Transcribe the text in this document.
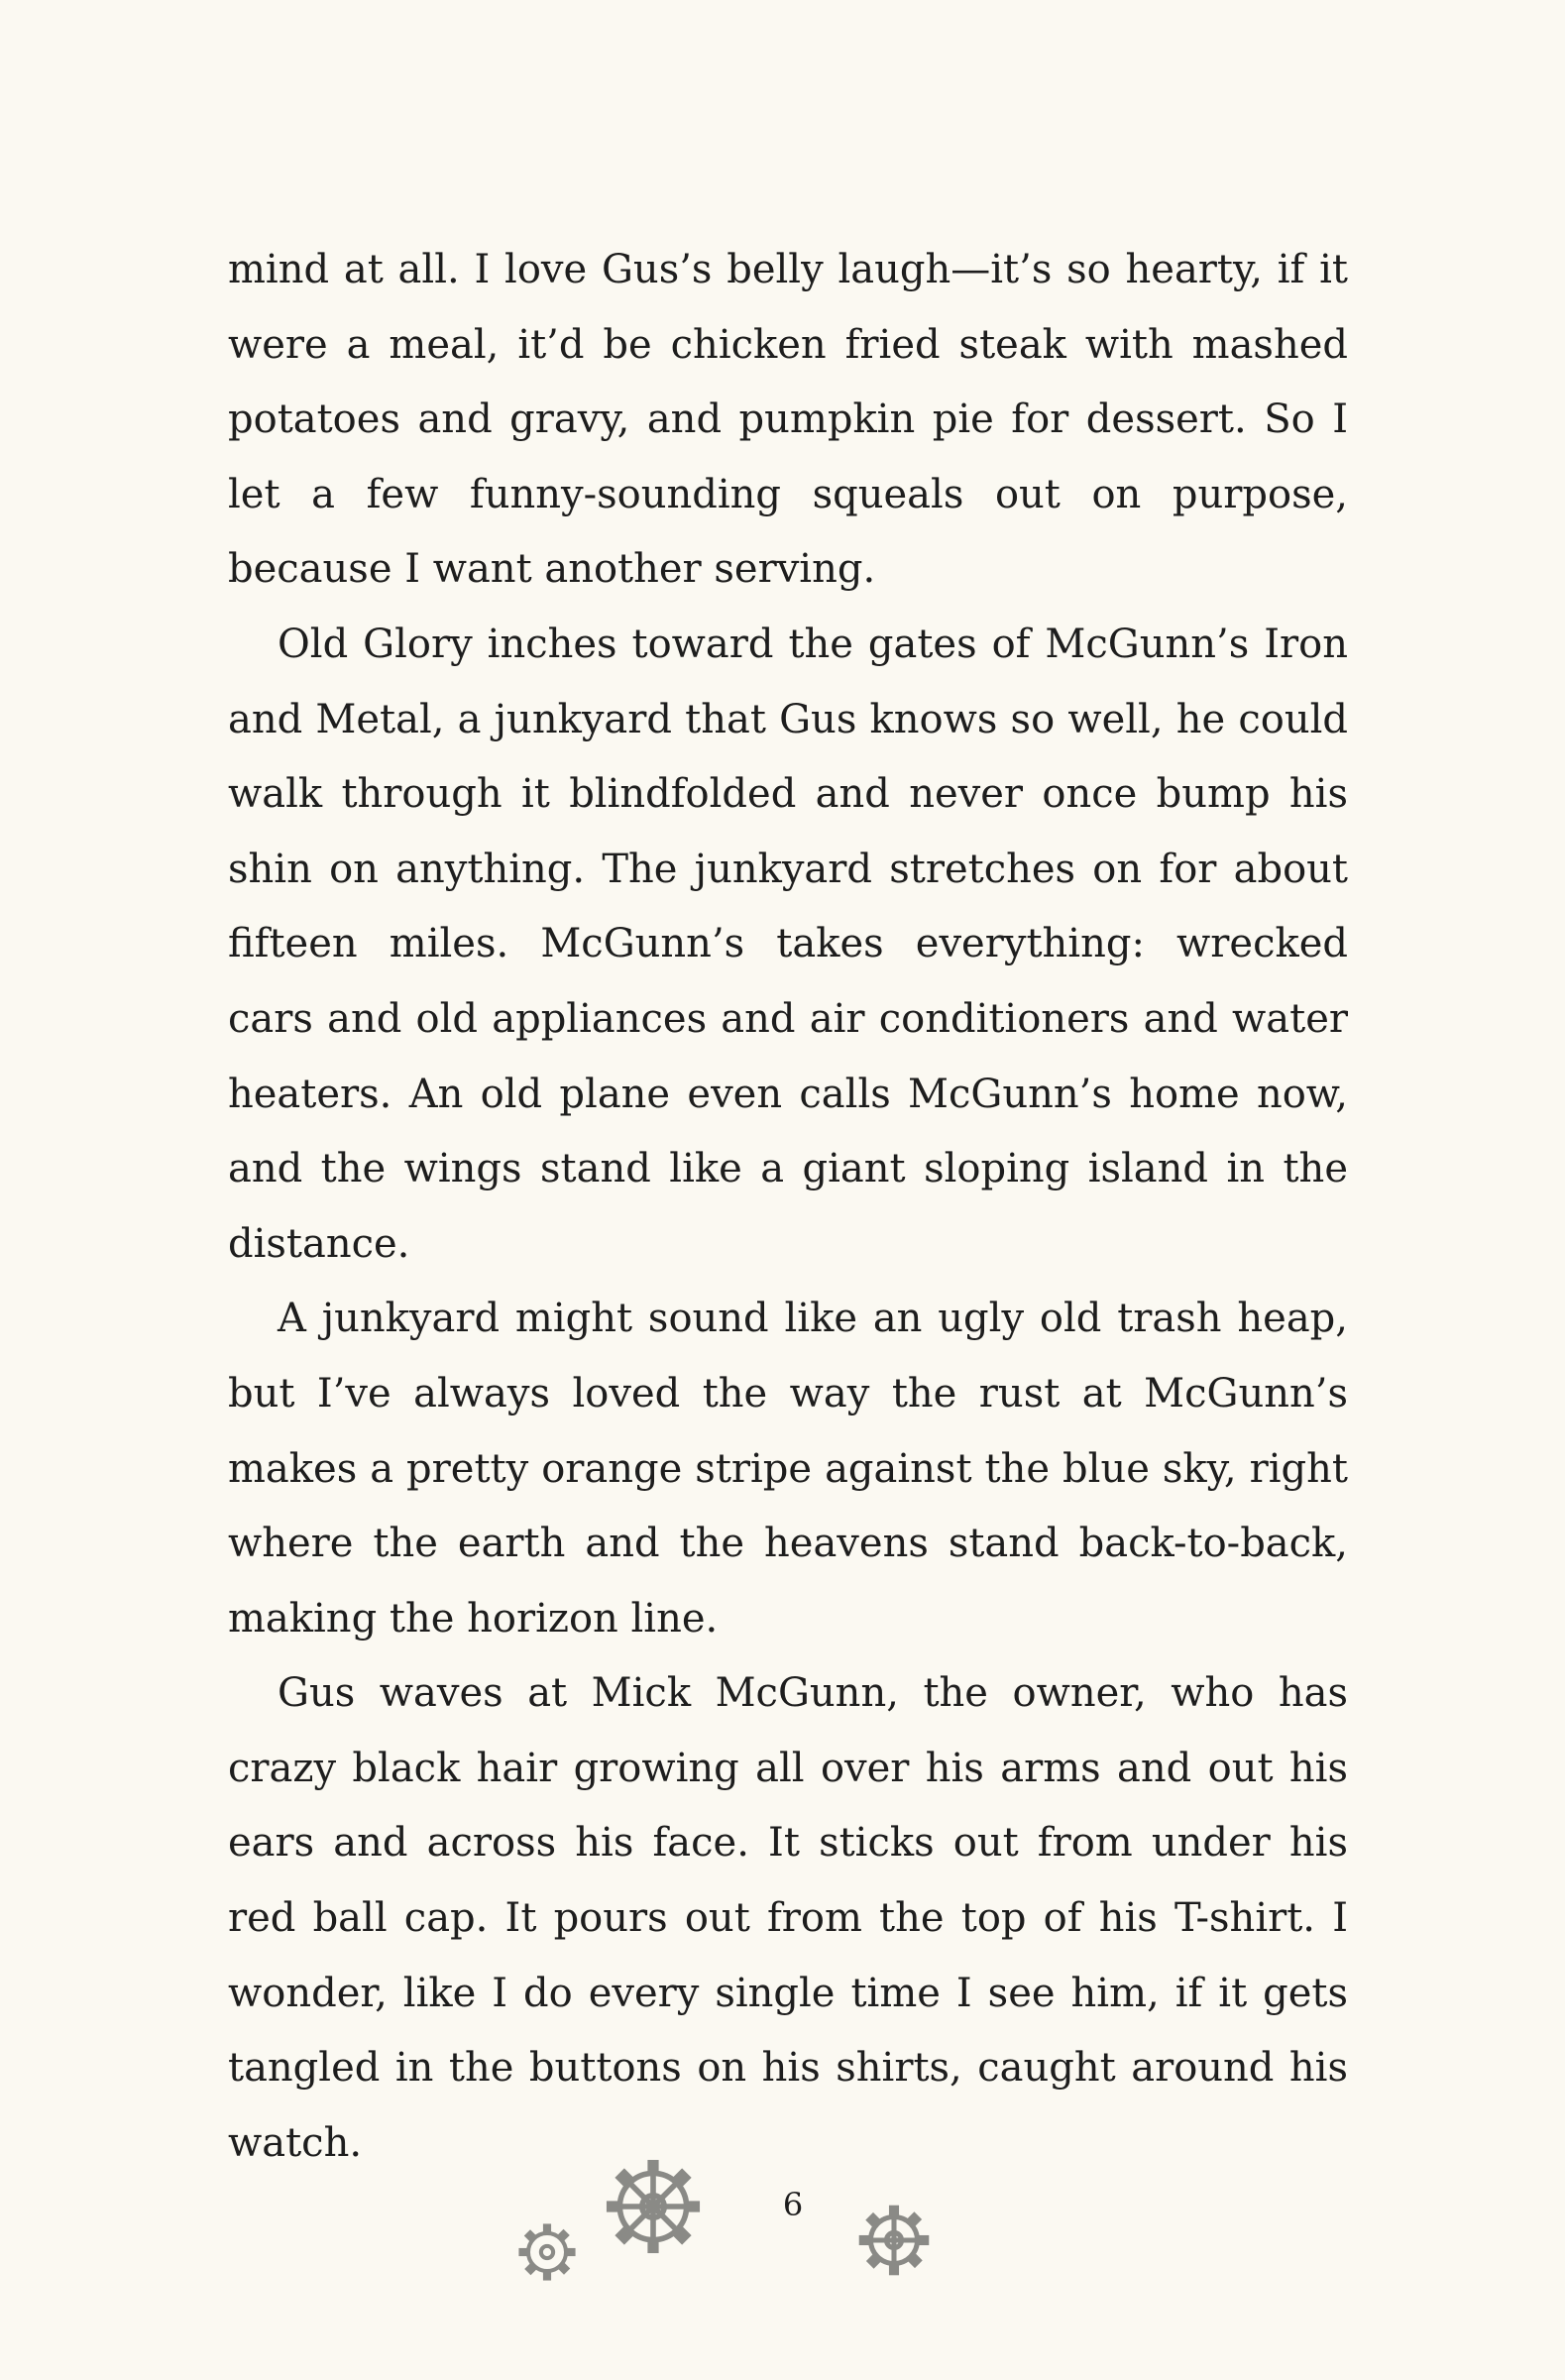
mind at all. I love Gus’s belly laugh—it’s so hearty, if it were a meal, it’d be chicken fried steak with mashed potatoes and gravy, and pumpkin pie for dessert. So I let a few funny-sounding squeals out on purpose, because I want another serving.

Old Glory inches toward the gates of McGunn’s Iron and Metal, a junkyard that Gus knows so well, he could walk through it blindfolded and never once bump his shin on anything. The junkyard stretches on for about fifteen miles. McGunn’s takes everything: wrecked cars and old appliances and air conditioners and water heaters. An old plane even calls McGunn’s home now, and the wings stand like a giant sloping island in the distance.

A junkyard might sound like an ugly old trash heap, but I’ve always loved the way the rust at McGunn’s makes a pretty orange stripe against the blue sky, right where the earth and the heavens stand back-to-back, making the horizon line.

Gus waves at Mick McGunn, the owner, who has crazy black hair growing all over his arms and out his ears and across his face. It sticks out from under his red ball cap. It pours out from the top of his T-shirt. I wonder, like I do every single time I see him, if it gets tangled in the buttons on his shirts, caught around his watch.

6
